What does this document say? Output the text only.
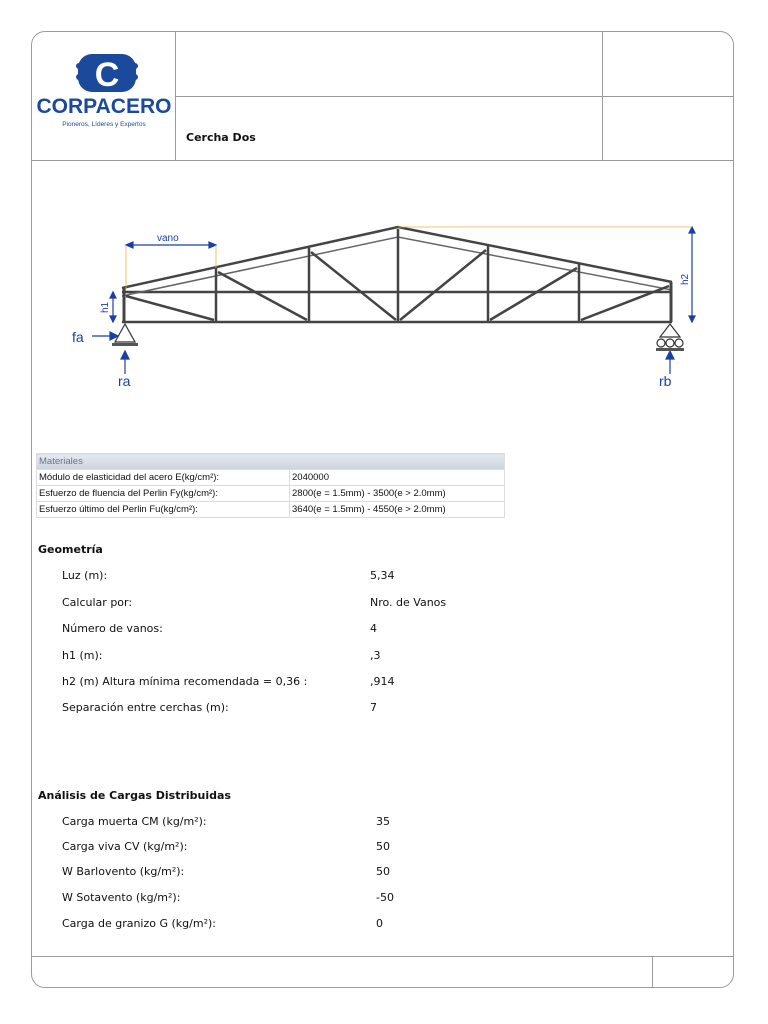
C
CORPACERO
Pioneros, Líderes y Expertos
Cercha Dos
vano
h1
h2
fa
ra	rb
Materiales	
Módulo de elasticidad del acero E(kg/cm²):	2040000
Esfuerzo de fluencia del Perlin Fy(kg/cm²):	2800(e = 1.5mm) - 3500(e > 2.0mm)
Esfuerzo último del Perlin Fu(kg/cm²):	3640(e = 1.5mm) - 4550(e > 2.0mm)
Geometría
Luz (m):	5,34
Calcular por:	Nro. de Vanos
Número de vanos:	4
h1 (m):	,3
h2 (m) Altura mínima recomendada = 0,36 :	,914
Separación entre cerchas (m):	7
Análisis de Cargas Distribuidas
Carga muerta CM (kg/m²):	35
Carga viva CV (kg/m²):	50
W Barlovento (kg/m²):	50
W Sotavento (kg/m²):	-50
Carga de granizo G (kg/m²):	0
